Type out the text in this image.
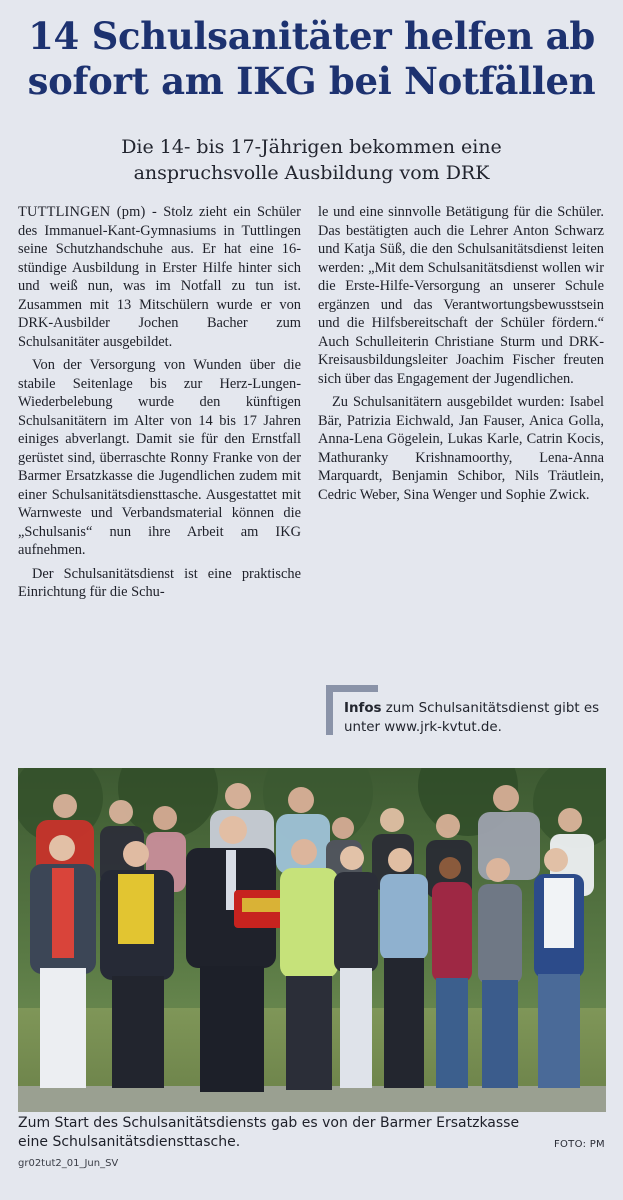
14 Schulsanitäter helfen ab
sofort am IKG bei Notfällen
Die 14- bis 17-Jährigen bekommen eine
anspruchsvolle Ausbildung vom DRK

TUTTLINGEN (pm) - Stolz zieht ein Schüler des Immanuel-Kant-Gymnasiums in Tuttlingen seine Schutzhandschuhe aus. Er hat eine 16-stündige Ausbildung in Erster Hilfe hinter sich und weiß nun, was im Notfall zu tun ist. Zusammen mit 13 Mitschülern wurde er von DRK-Ausbilder Jochen Bacher zum Schulsanitäter ausgebildet.

Von der Versorgung von Wunden über die stabile Seitenlage bis zur Herz-Lungen-Wiederbelebung wurde den künftigen Schulsanitätern im Alter von 14 bis 17 Jahren einiges abverlangt. Damit sie für den Ernstfall gerüstet sind, überraschte Ronny Franke von der Barmer Ersatzkasse die Jugendlichen zudem mit einer Schulsanitätsdiensttasche. Ausgestattet mit Warnweste und Verbandsmaterial können die „Schulsanis“ nun ihre Arbeit am IKG aufnehmen.

Der Schulsanitätsdienst ist eine praktische Einrichtung für die Schu-

le und eine sinnvolle Betätigung für die Schüler. Das bestätigten auch die Lehrer Anton Schwarz und Katja Süß, die den Schulsanitätsdienst leiten werden: „Mit dem Schulsanitätsdienst wollen wir die Erste-Hilfe-Versorgung an unserer Schule ergänzen und das Verantwortungsbewusstsein und die Hilfsbereitschaft der Schüler fördern.“ Auch Schulleiterin Christiane Sturm und DRK-Kreisausbildungsleiter Joachim Fischer freuten sich über das Engagement der Jugendlichen.

Zu Schulsanitätern ausgebildet wurden: Isabel Bär, Patrizia Eichwald, Jan Fauser, Anica Golla, Anna-Lena Gögelein, Lukas Karle, Catrin Kocis, Mathuranky Krishnamoorthy, Lena-Anna Marquardt, Benjamin Schibor, Nils Träutlein, Cedric Weber, Sina Wenger und Sophie Zwick.

Infos zum Schulsanitätsdienst gibt es unter www.jrk-kvtut.de.
Zum Start des Schulsanitätsdiensts gab es von der Barmer Ersatzkasse
eine Schulsanitätsdiensttasche.	FOTO: PM
gr02tut2_01_Jun_SV
